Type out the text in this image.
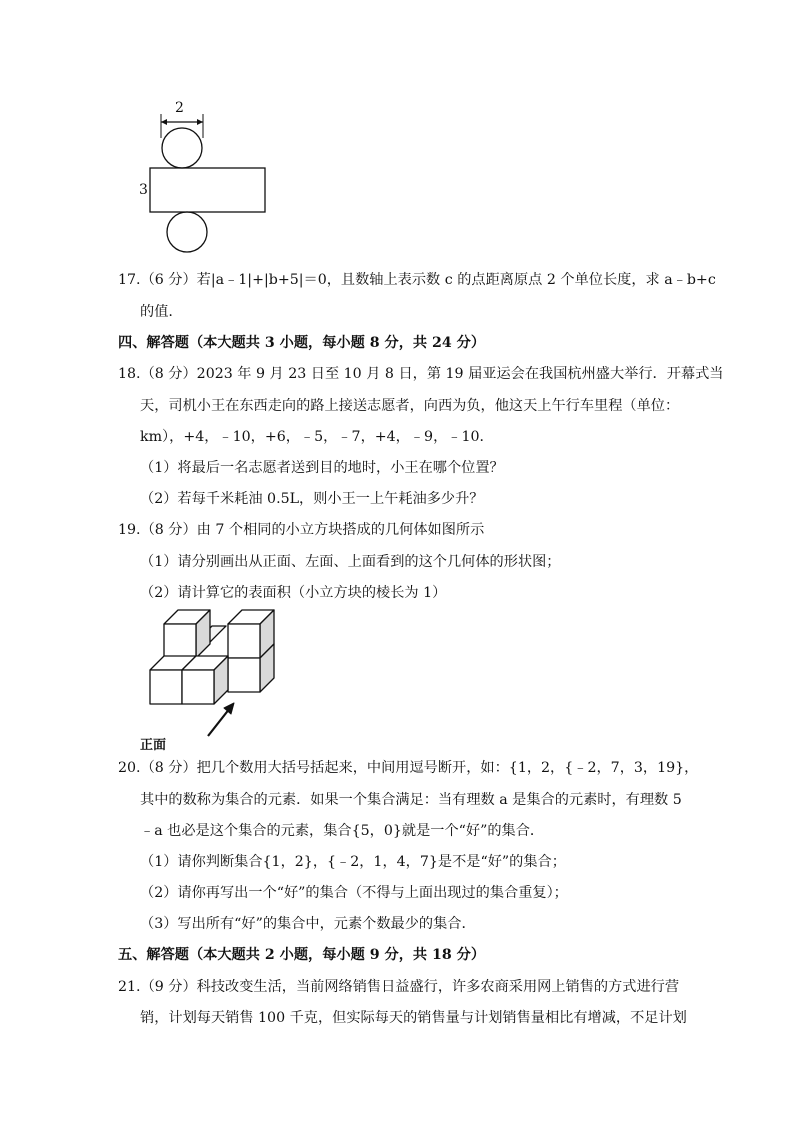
2
3
17.（6 分）若|a﹣1|+|b+5|＝0，且数轴上表示数 c 的点距离原点 2 个单位长度，求 a﹣b+c
的值.
四、解答题（本大题共 3 小题，每小题 8 分，共 24 分）
18.（8 分）2023 年 9 月 23 日至 10 月 8 日，第 19 届亚运会在我国杭州盛大举行．开幕式当
天，司机小王在东西走向的路上接送志愿者，向西为负，他这天上午行车里程（单位：
km），+4，﹣10，+6，﹣5，﹣7，+4，﹣9，﹣10．
（1）将最后一名志愿者送到目的地时，小王在哪个位置？
（2）若每千米耗油 0.5L，则小王一上午耗油多少升？
19.（8 分）由 7 个相同的小立方块搭成的几何体如图所示
（1）请分别画出从正面、左面、上面看到的这个几何体的形状图；
（2）请计算它的表面积（小立方块的棱长为 1）
正面
20.（8 分）把几个数用大括号括起来，中间用逗号断开，如：{1，2，{﹣2，7，3，19}，
其中的数称为集合的元素．如果一个集合满足：当有理数 a 是集合的元素时，有理数 5
﹣a 也必是这个集合的元素，集合{5，0}就是一个“好”的集合．
（1）请你判断集合{1，2}，{﹣2，1，4，7}是不是“好”的集合；
（2）请你再写出一个“好”的集合（不得与上面出现过的集合重复）；
（3）写出所有“好”的集合中，元素个数最少的集合．
五、解答题（本大题共 2 小题，每小题 9 分，共 18 分）
21.（9 分）科技改变生活，当前网络销售日益盛行，许多农商采用网上销售的方式进行营
销，计划每天销售 100 千克，但实际每天的销售量与计划销售量相比有增减，不足计划
